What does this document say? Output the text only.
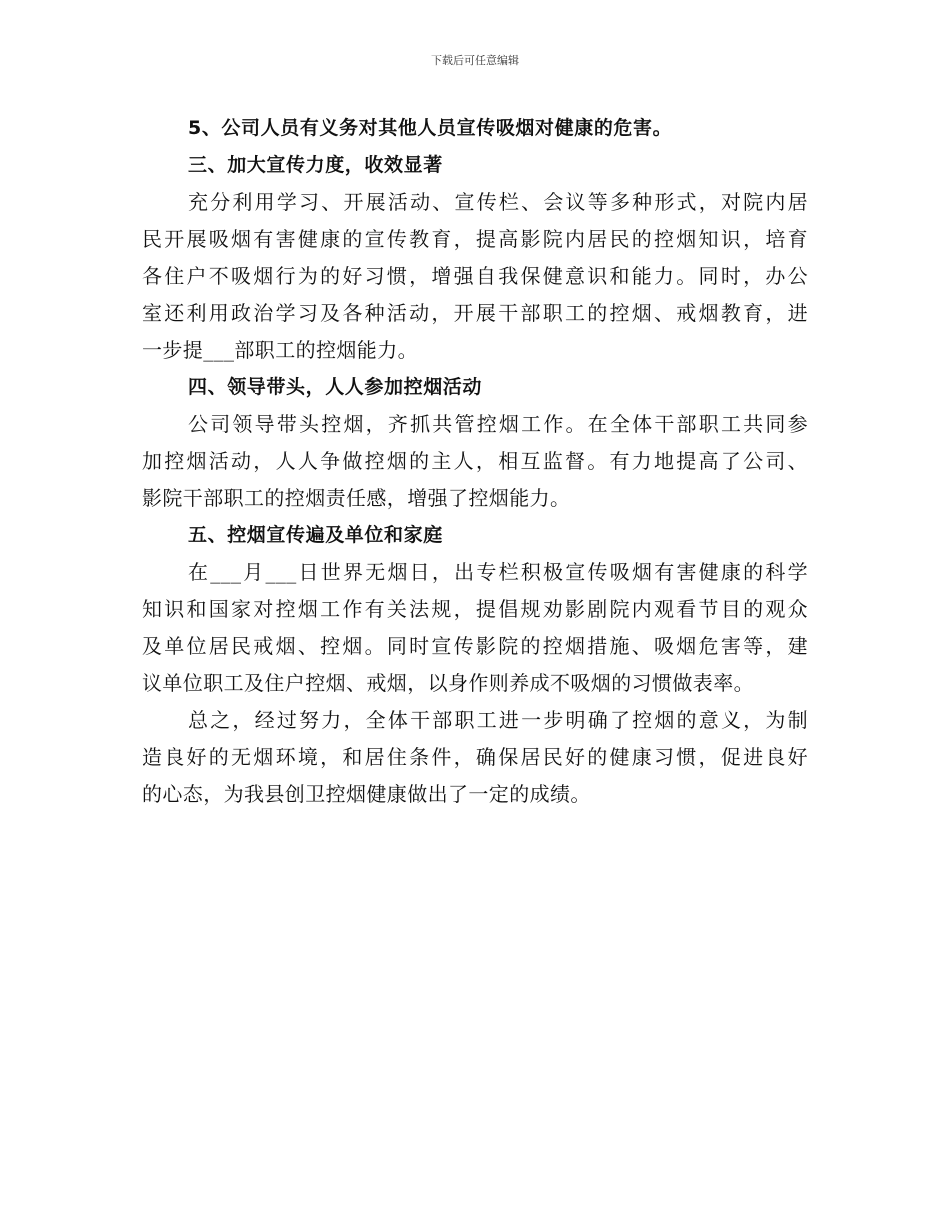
下载后可任意编辑
5、公司人员有义务对其他人员宣传吸烟对健康的危害。
三、加大宣传力度，收效显著
充分利用学习、开展活动、宣传栏、会议等多种形式，对院内居
民开展吸烟有害健康的宣传教育，提高影院内居民的控烟知识，培育
各住户不吸烟行为的好习惯，增强自我保健意识和能力。同时，办公
室还利用政治学习及各种活动，开展干部职工的控烟、戒烟教育，进
一步提___部职工的控烟能力。
四、领导带头，人人参加控烟活动
公司领导带头控烟，齐抓共管控烟工作。在全体干部职工共同参
加控烟活动，人人争做控烟的主人，相互监督。有力地提高了公司、
影院干部职工的控烟责任感，增强了控烟能力。
五、控烟宣传遍及单位和家庭
在___月___日世界无烟日，出专栏积极宣传吸烟有害健康的科学
知识和国家对控烟工作有关法规，提倡规劝影剧院内观看节目的观众
及单位居民戒烟、控烟。同时宣传影院的控烟措施、吸烟危害等，建
议单位职工及住户控烟、戒烟，以身作则养成不吸烟的习惯做表率。
总之，经过努力，全体干部职工进一步明确了控烟的意义，为制
造良好的无烟环境，和居住条件，确保居民好的健康习惯，促进良好
的心态，为我县创卫控烟健康做出了一定的成绩。
